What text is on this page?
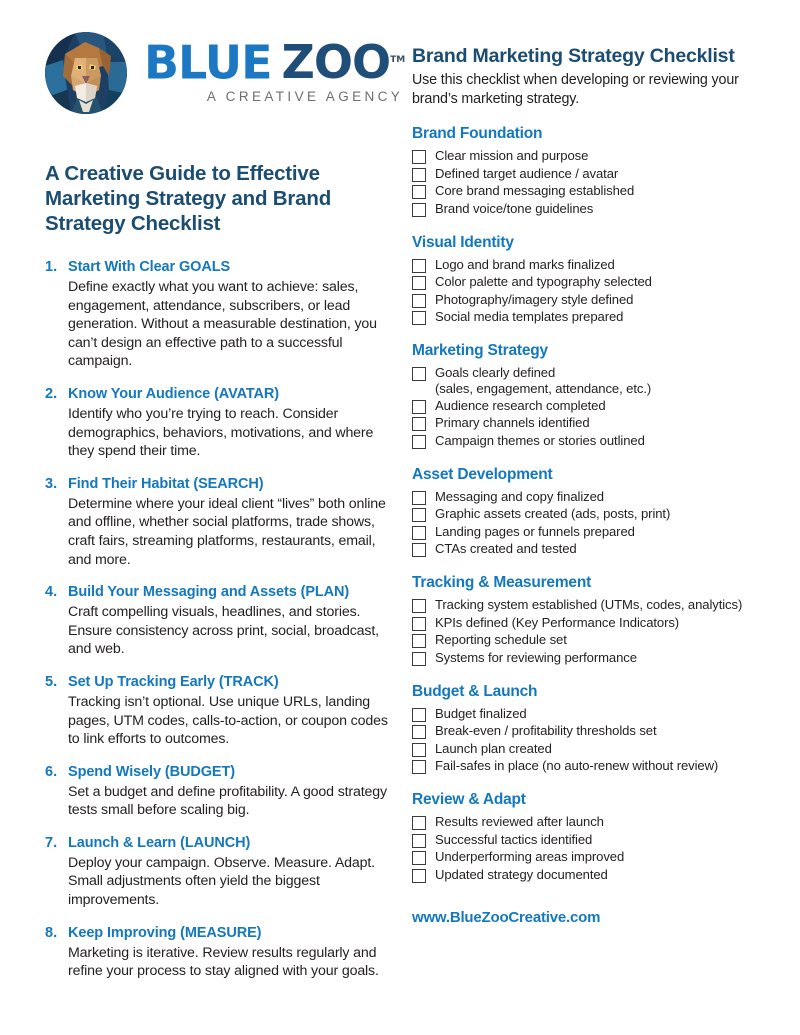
BLUE ZOO™
A CREATIVE AGENCY
A Creative Guide to Effective Marketing Strategy and Brand Strategy Checklist
1. Start With Clear GOALS
Define exactly what you want to achieve: sales, engagement, attendance, subscribers, or lead generation. Without a measurable destination, you can’t design an effective path to a successful campaign.
2. Know Your Audience (AVATAR)
Identify who you’re trying to reach. Consider demographics, behaviors, motivations, and where they spend their time.
3. Find Their Habitat (SEARCH)
Determine where your ideal client “lives” both online and offline, whether social platforms, trade shows, craft fairs, streaming platforms, restaurants, email, and more.
4. Build Your Messaging and Assets (PLAN)
Craft compelling visuals, headlines, and stories. Ensure consistency across print, social, broadcast, and web.
5. Set Up Tracking Early (TRACK)
Tracking isn’t optional. Use unique URLs, landing pages, UTM codes, calls-to-action, or coupon codes to link efforts to outcomes.
6. Spend Wisely (BUDGET)
Set a budget and define profitability. A good strategy tests small before scaling big.
7. Launch & Learn (LAUNCH)
Deploy your campaign. Observe. Measure. Adapt. Small adjustments often yield the biggest improvements.
8. Keep Improving (MEASURE)
Marketing is iterative. Review results regularly and refine your process to stay aligned with your goals.
Brand Marketing Strategy Checklist
Use this checklist when developing or reviewing your brand’s marketing strategy.
Brand Foundation
Clear mission and purpose
Defined target audience / avatar
Core brand messaging established
Brand voice/tone guidelines
Visual Identity
Logo and brand marks finalized
Color palette and typography selected
Photography/imagery style defined
Social media templates prepared
Marketing Strategy
Goals clearly defined
(sales, engagement, attendance, etc.)
Audience research completed
Primary channels identified
Campaign themes or stories outlined
Asset Development
Messaging and copy finalized
Graphic assets created (ads, posts, print)
Landing pages or funnels prepared
CTAs created and tested
Tracking & Measurement
Tracking system established (UTMs, codes, analytics)
KPIs defined (Key Performance Indicators)
Reporting schedule set
Systems for reviewing performance
Budget & Launch
Budget finalized
Break-even / profitability thresholds set
Launch plan created
Fail-safes in place (no auto-renew without review)
Review & Adapt
Results reviewed after launch
Successful tactics identified
Underperforming areas improved
Updated strategy documented
www.BlueZooCreative.com
